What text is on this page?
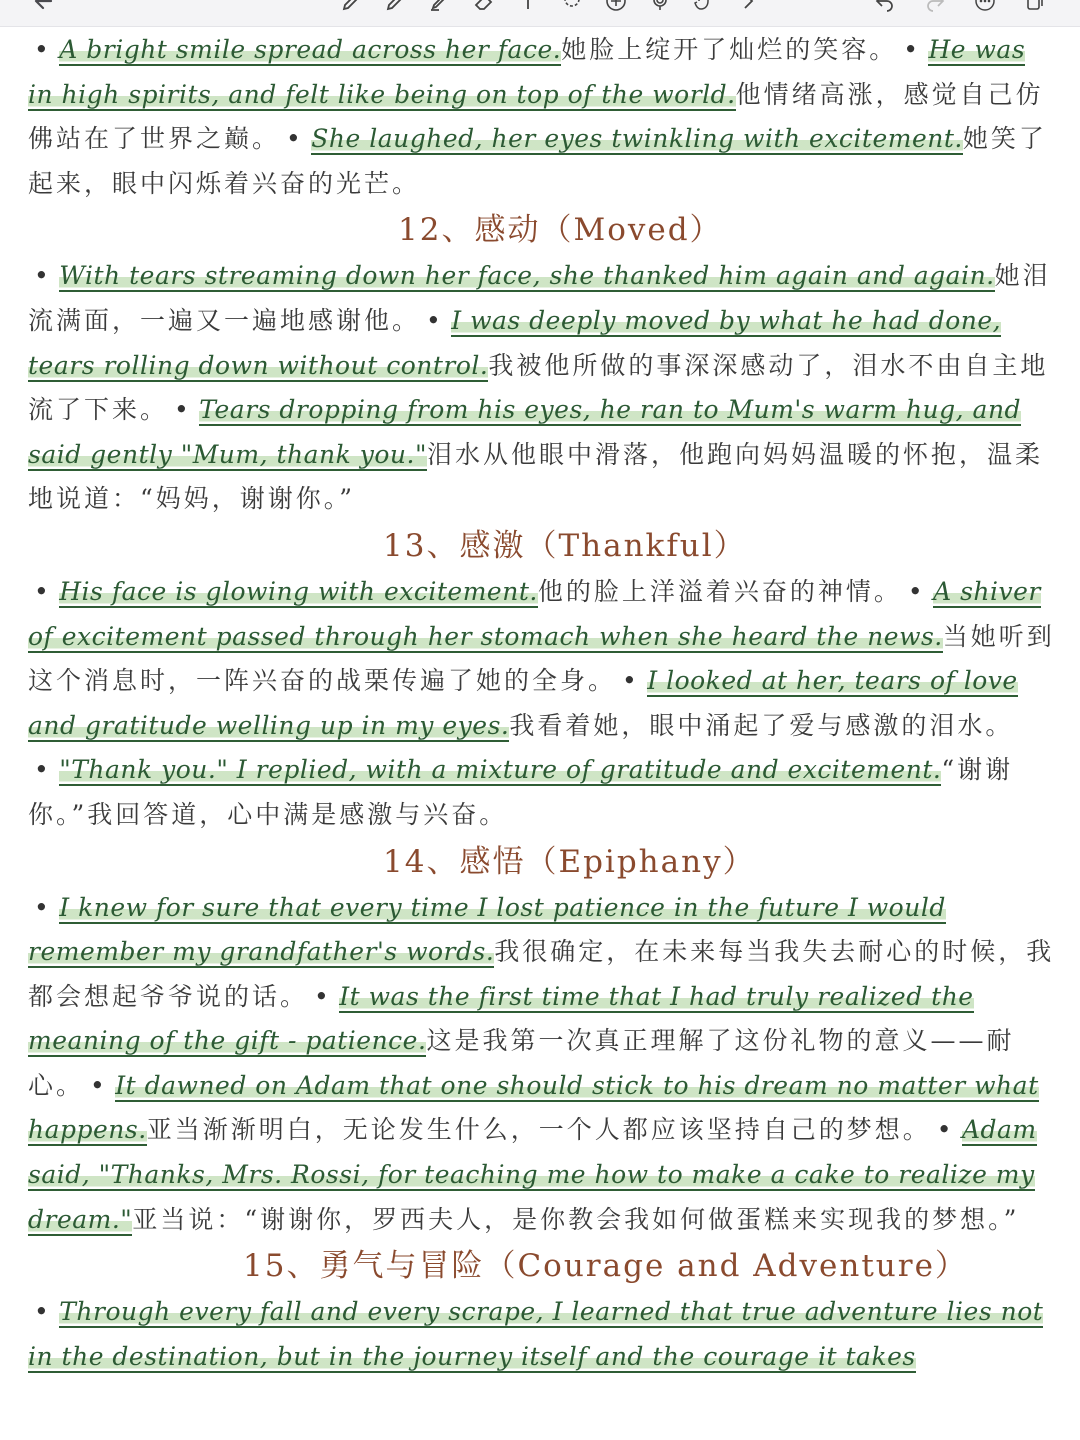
• A bright smile spread across her face.她脸上绽开了灿烂的笑容。 • He was in high spirits, and felt like being on top of the world.他情绪高涨，感觉自己仿佛站在了世界之巅。 • She laughed, her eyes twinkling with excitement.她笑了起来，眼中闪烁着兴奋的光芒。

12、感动（Moved）

• With tears streaming down her face, she thanked him again and again.她泪流满面，一遍又一遍地感谢他。 • I was deeply moved by what he had done, tears rolling down without control.我被他所做的事深深感动了，泪水不由自主地流了下来。 • Tears dropping from his eyes, he ran to Mum's warm hug, and said gently "Mum, thank you."泪水从他眼中滑落，他跑向妈妈温暖的怀抱，温柔地说道：“妈妈，谢谢你。”

13、感激（Thankful）

• His face is glowing with excitement.他的脸上洋溢着兴奋的神情。 • A shiver of excitement passed through her stomach when she heard the news.当她听到这个消息时，一阵兴奋的战栗传遍了她的全身。 • I looked at her, tears of love and gratitude welling up in my eyes.我看着她，眼中涌起了爱与感激的泪水。• "Thank you." I replied, with a mixture of gratitude and excitement.“谢谢你。”我回答道，心中满是感激与兴奋。

14、感悟（Epiphany）

• I knew for sure that every time I lost patience in the future I would remember my grandfather's words.我很确定，在未来每当我失去耐心的时候，我都会想起爷爷说的话。 • It was the first time that I had truly realized the meaning of the gift - patience.这是我第一次真正理解了这份礼物的意义——耐心。 • It dawned on Adam that one should stick to his dream no matter what happens.亚当渐渐明白，无论发生什么，一个人都应该坚持自己的梦想。 • Adam said, "Thanks, Mrs. Rossi, for teaching me how to make a cake to realize my dream."亚当说：“谢谢你，罗西夫人，是你教会我如何做蛋糕来实现我的梦想。”

15、勇气与冒险（Courage and Adventure）

• Through every fall and every scrape, I learned that true adventure lies not in the destination, but in the journey itself and the courage it takes
